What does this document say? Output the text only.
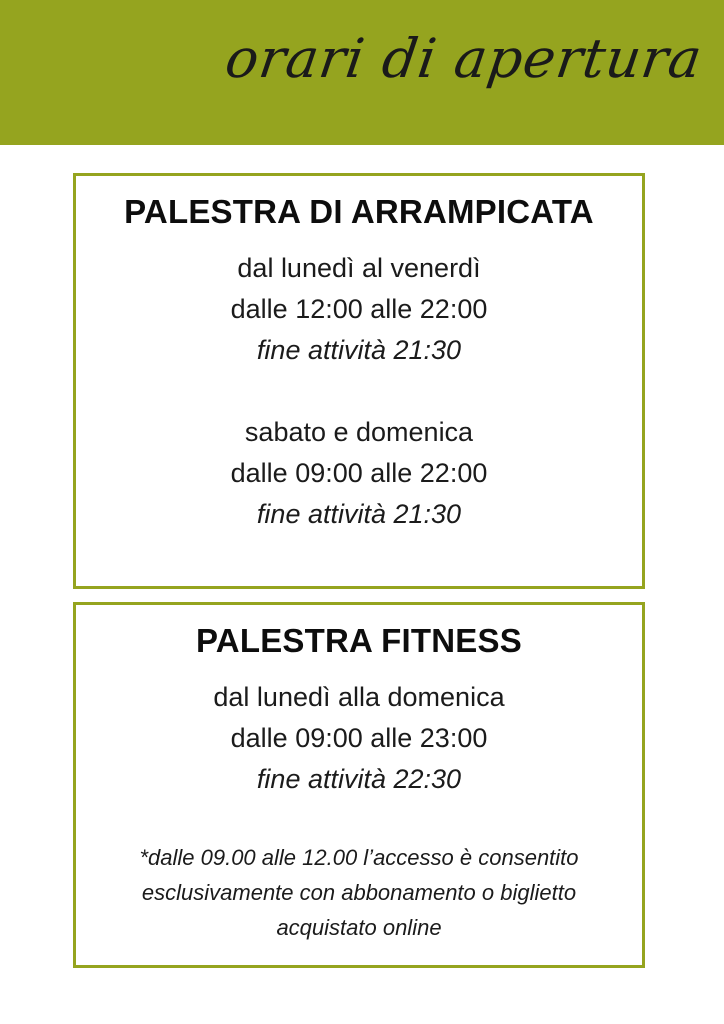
orari di apertura
PALESTRA DI ARRAMPICATA
dal lunedì al venerdì
dalle 12:00 alle 22:00
fine attività 21:30
sabato e domenica
dalle 09:00 alle 22:00
fine attività 21:30
PALESTRA FITNESS
dal lunedì alla domenica
dalle 09:00 alle 23:00
fine attività 22:30
*dalle 09.00 alle 12.00 l’accesso è consentito
esclusivamente con abbonamento o biglietto
acquistato online
